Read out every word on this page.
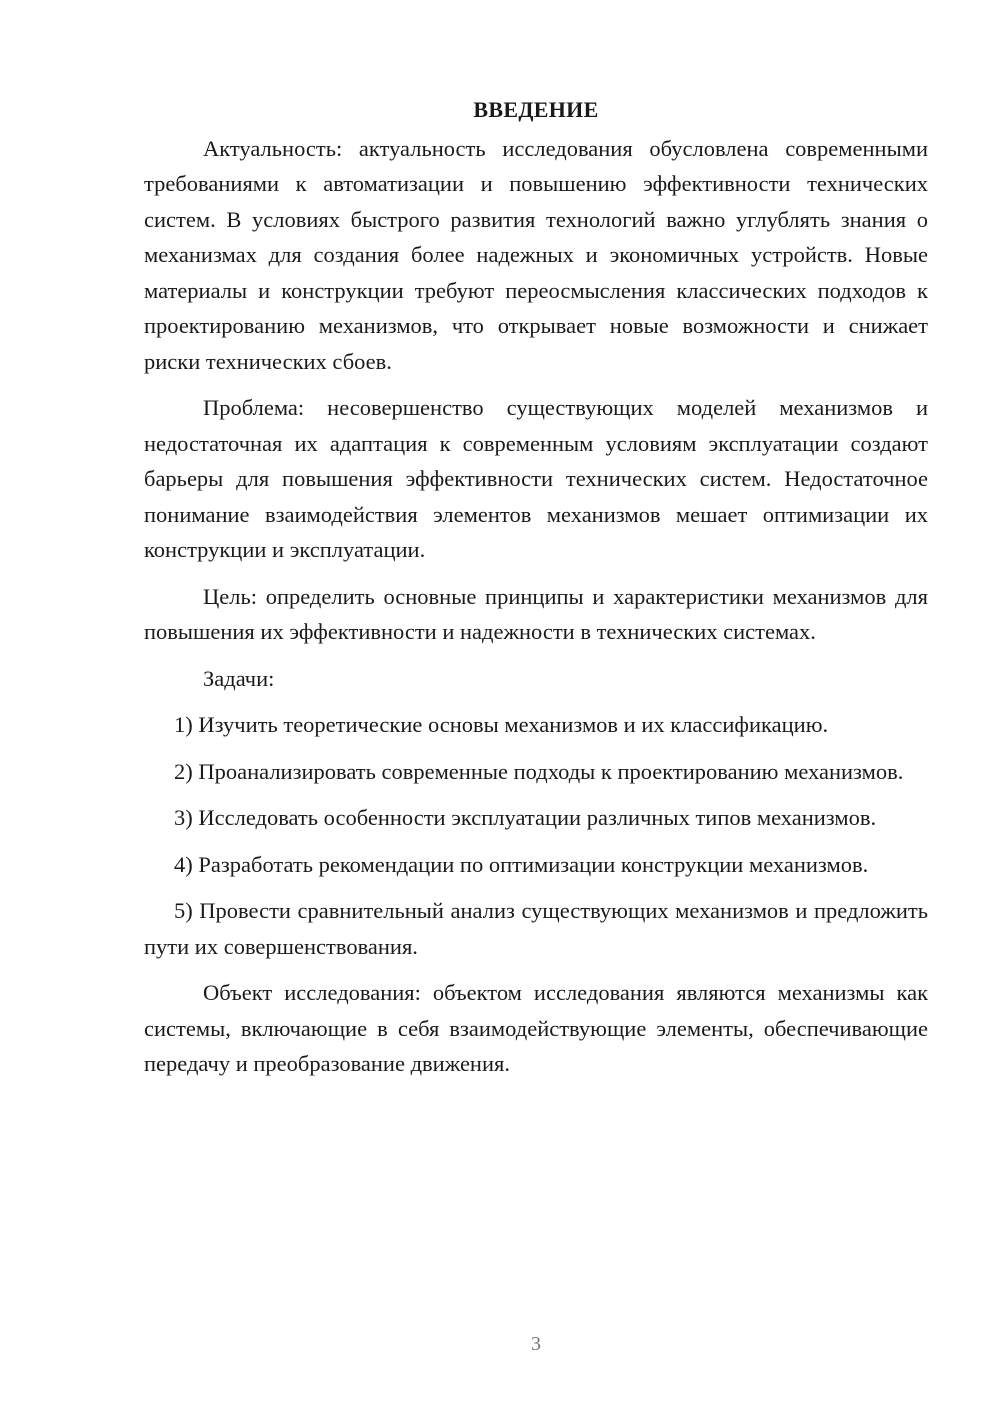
ВВЕДЕНИЕ

Актуальность: актуальность исследования обусловлена современными требованиями к автоматизации и повышению эффективности технических систем. В условиях быстрого развития технологий важно углублять знания о механизмах для создания более надежных и экономичных устройств. Новые материалы и конструкции требуют переосмысления классических подходов к проектированию механизмов, что открывает новые возможности и снижает риски технических сбоев.

Проблема: несовершенство существующих моделей механизмов и недостаточная их адаптация к современным условиям эксплуатации создают барьеры для повышения эффективности технических систем. Недостаточное понимание взаимодействия элементов механизмов мешает оптимизации их конструкции и эксплуатации.

Цель: определить основные принципы и характеристики механизмов для повышения их эффективности и надежности в технических системах.

Задачи:

1) Изучить теоретические основы механизмов и их классификацию.

2) Проанализировать современные подходы к проектированию механизмов.

3) Исследовать особенности эксплуатации различных типов механизмов.

4) Разработать рекомендации по оптимизации конструкции механизмов.

5) Провести сравнительный анализ существующих механизмов и предложить пути их совершенствования.

Объект исследования: объектом исследования являются механизмы как системы, включающие в себя взаимодействующие элементы, обеспечивающие передачу и преобразование движения.

3
